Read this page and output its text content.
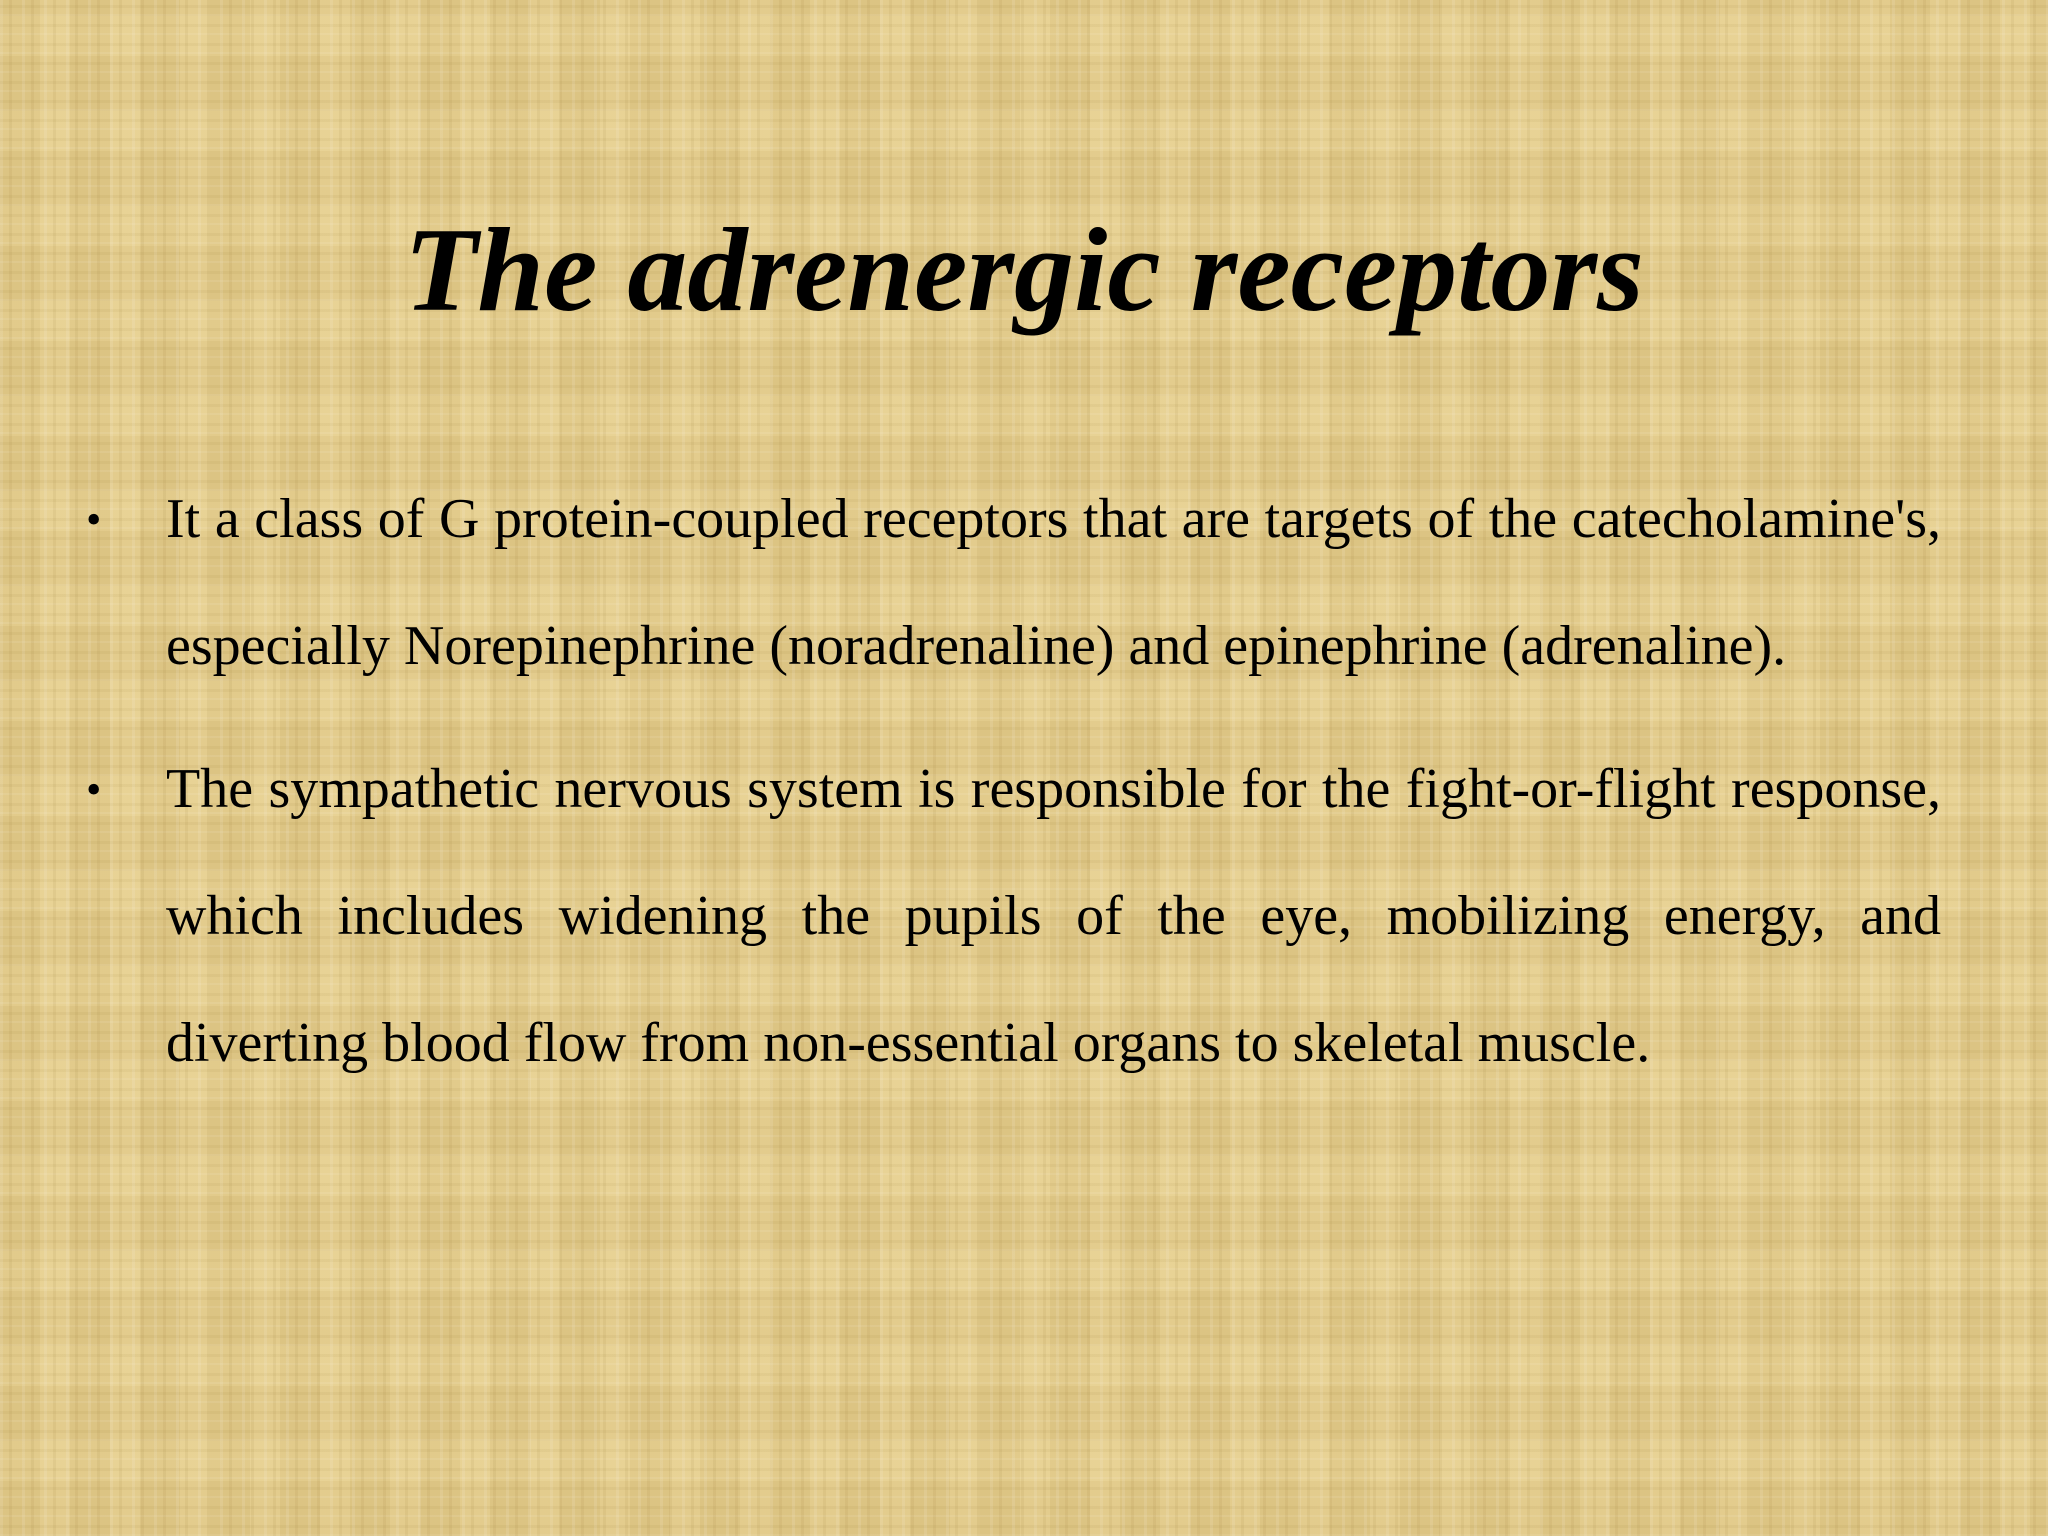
The adrenergic receptors
• It a class of G protein-coupled receptors that are targets of the catecholamine's, especially Norepinephrine (noradrenaline) and epinephrine (adrenaline).
• The sympathetic nervous system is responsible for the fight-or-flight response, which includes widening the pupils of the eye, mobilizing energy, and diverting blood flow from non-essential organs to skeletal muscle.
